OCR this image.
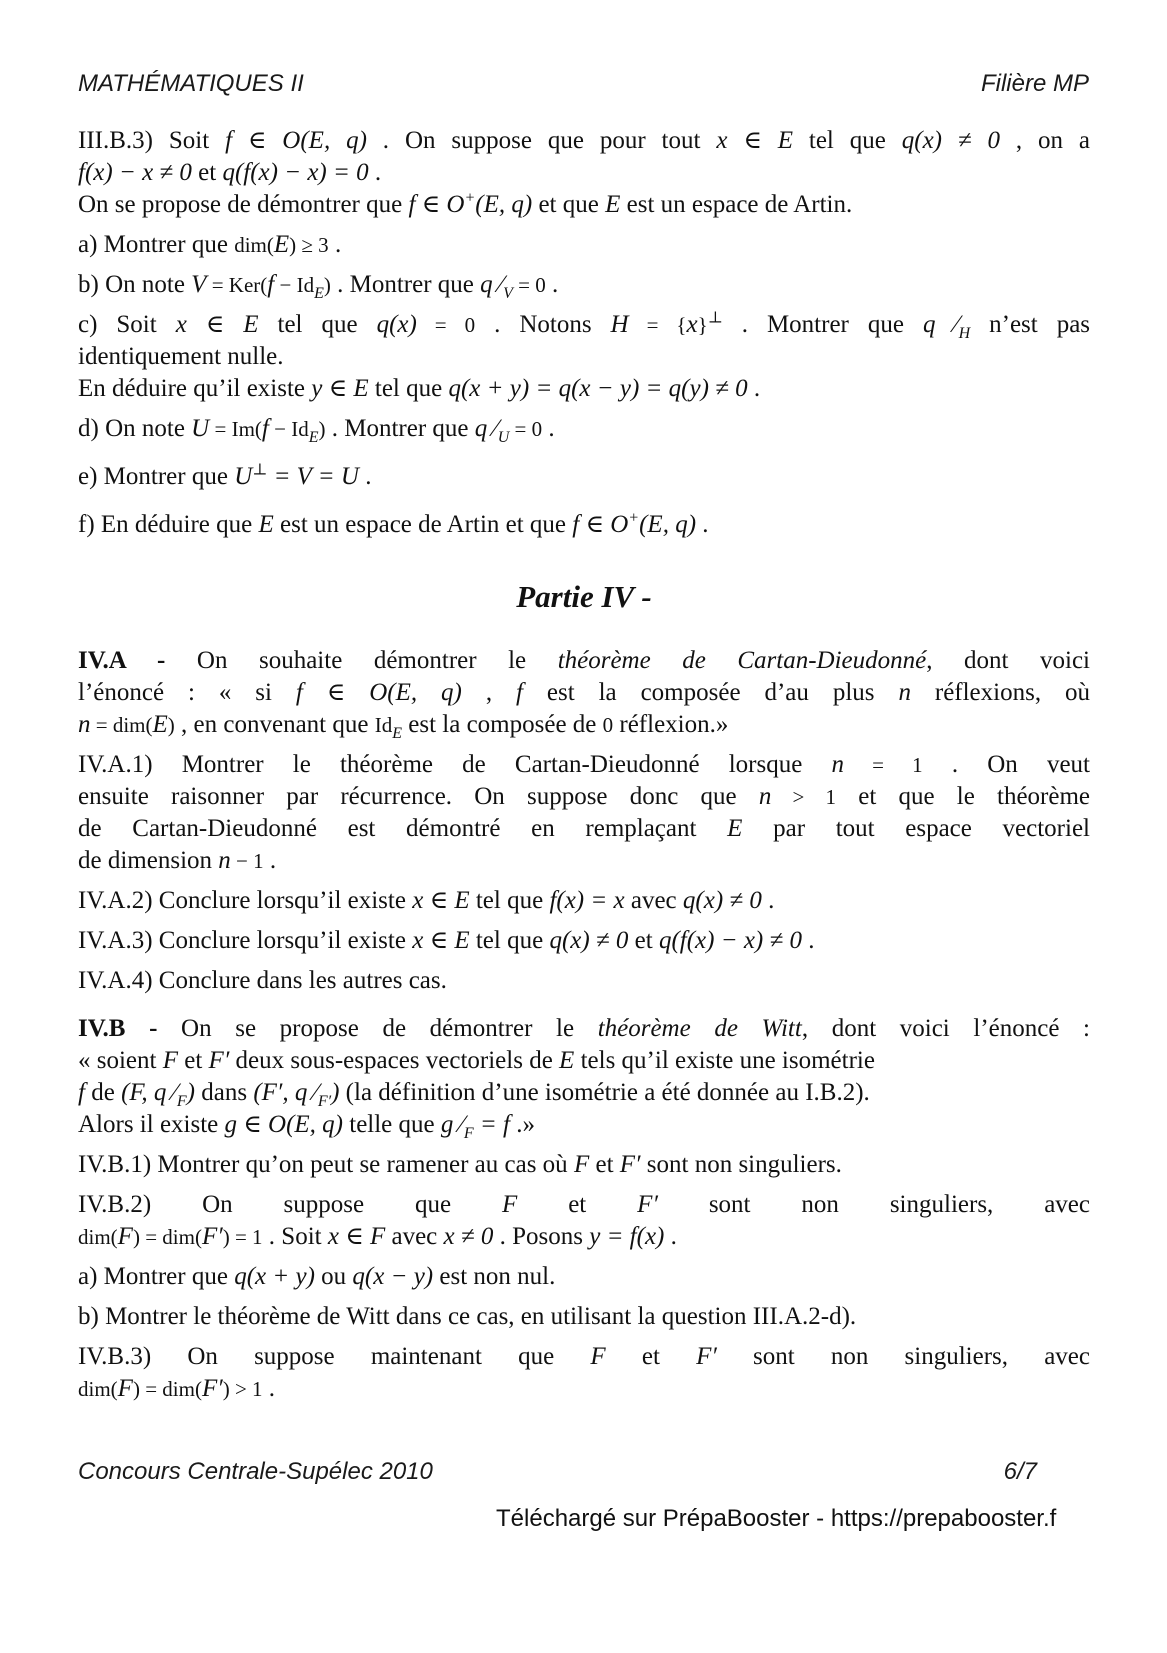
MATHÉMATIQUES II	Filière MP
III.B.3) Soit f ∈ O(E, q) . On suppose que pour tout x ∈ E tel que q(x) ≠ 0 , on a
f(x) − x ≠ 0 et q(f(x) − x) = 0 .
On se propose de démontrer que f ∈ O+(E, q) et que E est un espace de Artin.
a) Montrer que dim(E) ≥ 3 .
b) On note $V = Ker(f - Id_E)$ . Montrer que q $⁄_V = 0$ .
c) Soit x ∈ E tel que q(x) = 0 . Notons H = {x}⊥ . Montrer que q $⁄_H$ n’est pas
identiquement nulle.
En déduire qu’il existe y ∈ E tel que q(x + y) = q(x − y) = q(y) ≠ 0 .
d) On note $U = Im(f - Id_E)$ . Montrer que q $⁄_U = 0$ .
e) Montrer que U⊥ = V = U .
f) En déduire que E est un espace de Artin et que f ∈ O+(E, q) .
Partie IV -
IV.A - On souhaite démontrer le théorème de Cartan-Dieudonné, dont voici
l’énoncé : « si f ∈ O(E, q) , f est la composée d’au plus n réflexions, où
n = dim(E) , en convenant que $Id_E$ est la composée de 0 réflexion.»
IV.A.1) Montrer le théorème de Cartan-Dieudonné lorsque n = 1 . On veut
ensuite raisonner par récurrence. On suppose donc que n > 1 et que le théorème
de Cartan-Dieudonné est démontré en remplaçant E par tout espace vectoriel
de dimension n − 1 .
IV.A.2) Conclure lorsqu’il existe x ∈ E tel que f(x) = x avec q(x) ≠ 0 .
IV.A.3) Conclure lorsqu’il existe x ∈ E tel que q(x) ≠ 0 et q(f(x) − x) ≠ 0 .
IV.A.4) Conclure dans les autres cas.
IV.B - On se propose de démontrer le théorème de Witt, dont voici l’énoncé :
« soient F et F′ deux sous-espaces vectoriels de E tels qu’il existe une isométrie
f de (F, q $⁄_F$) dans (F′, q $⁄_{F'}$) (la définition d’une isométrie a été donnée au I.B.2).
Alors il existe g ∈ O(E, q) telle que g $⁄_F = f$ .»
IV.B.1) Montrer qu’on peut se ramener au cas où F et F′ sont non singuliers.
IV.B.2) On suppose que F et F′ sont non singuliers, avec
dim(F) = dim(F′) = 1 . Soit x ∈ F avec x ≠ 0 . Posons y = f(x) .
a) Montrer que q(x + y) ou q(x − y) est non nul.
b) Montrer le théorème de Witt dans ce cas, en utilisant la question III.A.2-d).
IV.B.3) On suppose maintenant que F et F′ sont non singuliers, avec
dim(F) = dim(F′) > 1 .
Concours Centrale-Supélec 2010	6/7
Téléchargé sur PrépaBooster - https://prepabooster.f
